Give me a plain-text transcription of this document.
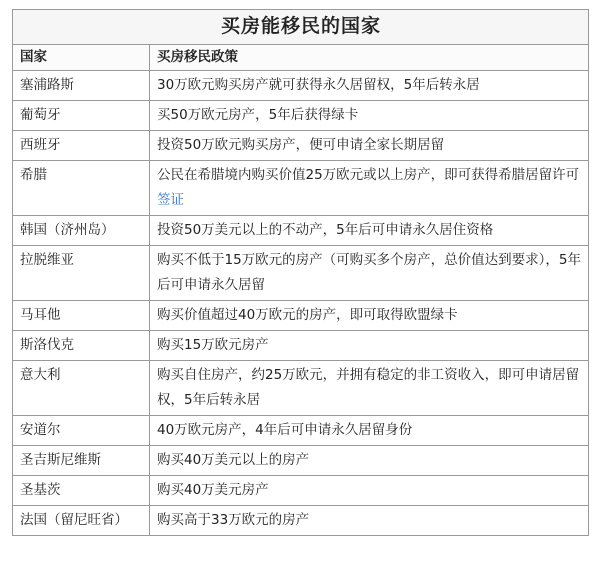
买房能移民的国家	
国家	买房移民政策
塞浦路斯	30万欧元购买房产就可获得永久居留权，5年后转永居
葡萄牙	买50万欧元房产，5年后获得绿卡
西班牙	投资50万欧元购买房产，便可申请全家长期居留
希腊	公民在希腊境内购买价值25万欧元或以上房产，即可获得希腊居留许可签证
韩国（济州岛）	投资50万美元以上的不动产，5年后可申请永久居住资格
拉脱维亚	购买不低于15万欧元的房产（可购买多个房产，总价值达到要求），5年后可申请永久居留
马耳他	购买价值超过40万欧元的房产，即可取得欧盟绿卡
斯洛伐克	购买15万欧元房产
意大利	购买自住房产，约25万欧元，并拥有稳定的非工资收入，即可申请居留权，5年后转永居
安道尔	40万欧元房产，4年后可申请永久居留身份
圣吉斯尼维斯	购买40万美元以上的房产
圣基茨	购买40万美元房产
法国（留尼旺省）	购买高于33万欧元的房产
